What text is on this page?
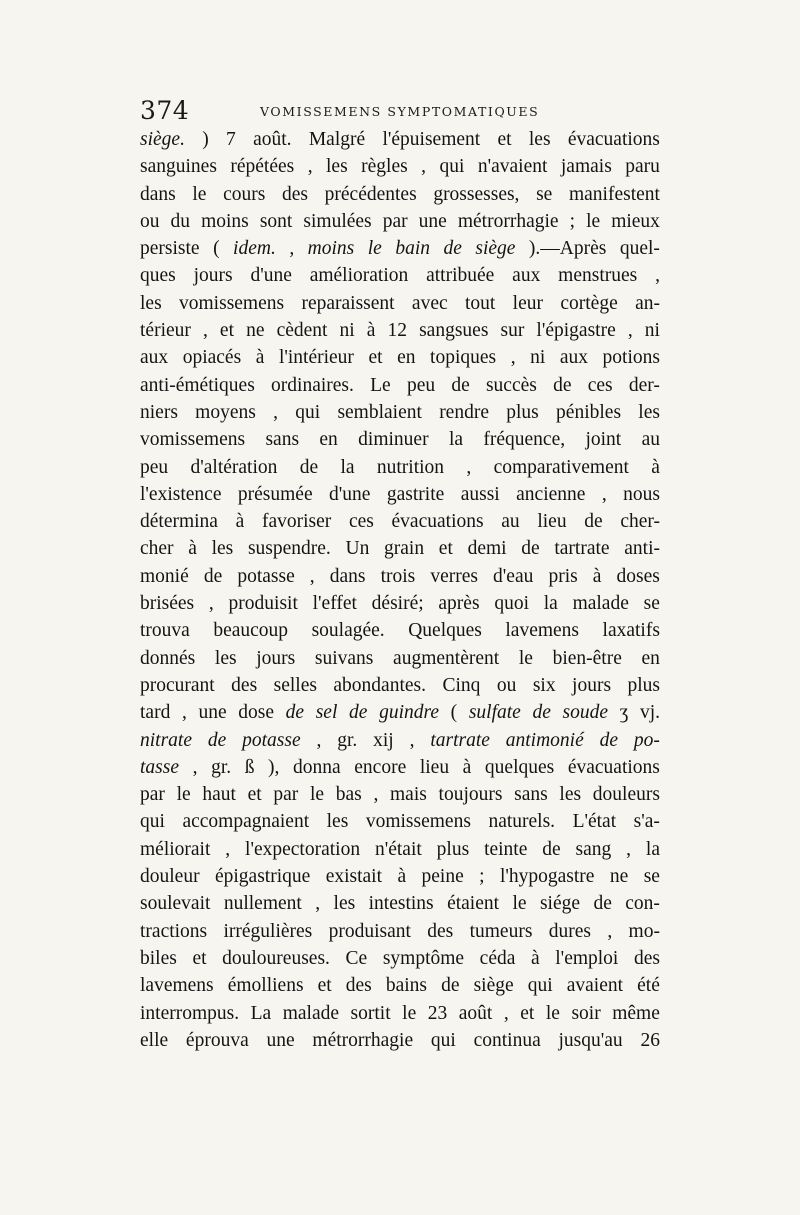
374	VOMISSEMENS SYMPTOMATIQUES
siège. ) 7 août. Malgré l'épuisement et les évacuations
sanguines répétées , les règles , qui n'avaient jamais paru
dans le cours des précédentes grossesses, se manifestent
ou du moins sont simulées par une métrorrhagie ; le mieux
persiste ( idem. , moins le bain de siège ).—Après quel-
ques jours d'une amélioration attribuée aux menstrues ,
les vomissemens reparaissent avec tout leur cortège an-
térieur , et ne cèdent ni à 12 sangsues sur l'épigastre , ni
aux opiacés à l'intérieur et en topiques , ni aux potions
anti-émétiques ordinaires. Le peu de succès de ces der-
niers moyens , qui semblaient rendre plus pénibles les
vomissemens sans en diminuer la fréquence, joint au
peu d'altération de la nutrition , comparativement à
l'existence présumée d'une gastrite aussi ancienne , nous
détermina à favoriser ces évacuations au lieu de cher-
cher à les suspendre. Un grain et demi de tartrate anti-
monié de potasse , dans trois verres d'eau pris à doses
brisées , produisit l'effet désiré; après quoi la malade se
trouva beaucoup soulagée. Quelques lavemens laxatifs
donnés les jours suivans augmentèrent le bien-être en
procurant des selles abondantes. Cinq ou six jours plus
tard , une dose de sel de guindre ( sulfate de soude ʒ vj.
nitrate de potasse , gr. xij , tartrate antimonié de po-
tasse , gr. ß ), donna encore lieu à quelques évacuations
par le haut et par le bas , mais toujours sans les douleurs
qui accompagnaient les vomissemens naturels. L'état s'a-
méliorait , l'expectoration n'était plus teinte de sang , la
douleur épigastrique existait à peine ; l'hypogastre ne se
soulevait nullement , les intestins étaient le siége de con-
tractions irrégulières produisant des tumeurs dures , mo-
biles et douloureuses. Ce symptôme céda à l'emploi des
lavemens émolliens et des bains de siège qui avaient été
interrompus. La malade sortit le 23 août , et le soir même
elle éprouva une métrorrhagie qui continua jusqu'au 26
